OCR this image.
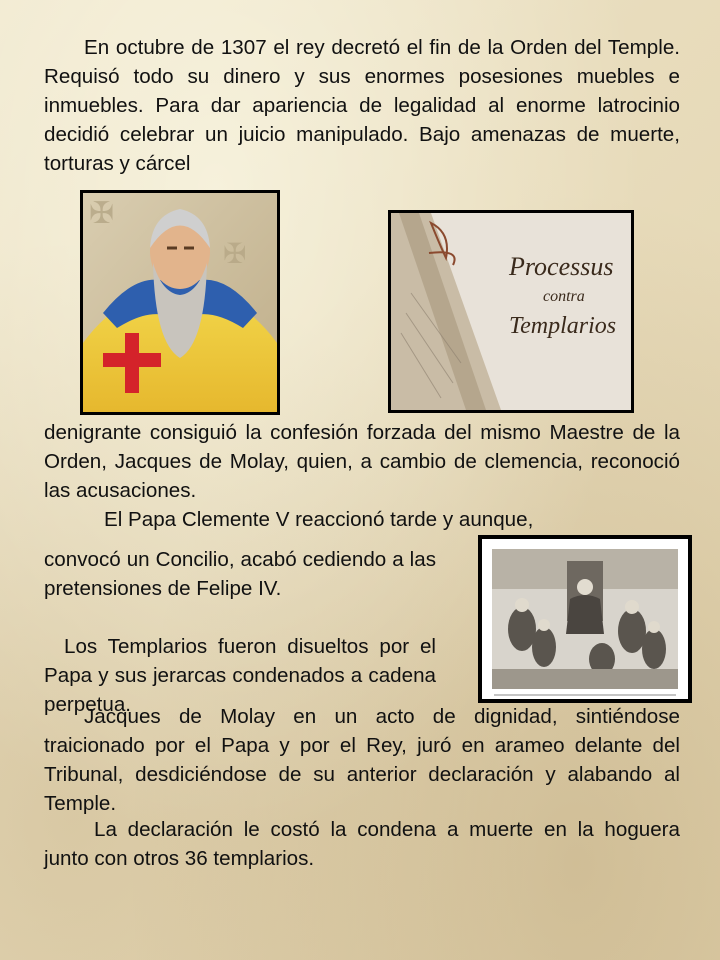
En octubre de 1307 el rey decretó el fin de la Orden del Temple. Requisó todo su dinero y sus enormes posesiones muebles e inmuebles. Para dar apariencia de legalidad al enorme latrocinio decidió celebrar un juicio manipulado. Bajo amenazas de muerte, torturas y cárcel

✠
✠	Processus
contra
Templarios

denigrante consiguió la confesión forzada del mismo Maestre de la Orden, Jacques de Molay, quien, a cambio de clemencia, reconoció las acusaciones.

El Papa Clemente V reaccionó tarde y aunque,

convocó un Concilio, acabó cediendo a las pretensiones de Felipe IV.

Los Templarios fueron disueltos por el Papa y sus jerarcas condenados a cadena perpetua.

Jacques de Molay en un acto de dignidad, sintiéndose traicionado por el Papa y por el Rey, juró en arameo delante del Tribunal, desdiciéndose de su anterior declaración y alabando al Temple.

La declaración le costó la condena a muerte en la hoguera junto con otros 36 templarios.
